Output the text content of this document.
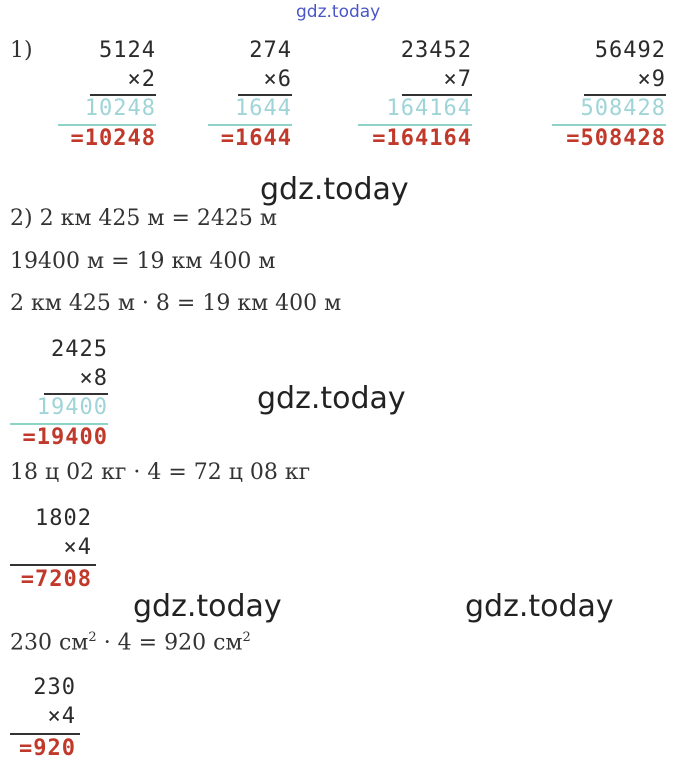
gdz.today
gdz.today
gdz.today
gdz.today	gdz.today
1)	5124
×2
10248
=10248
274
×6
1644
=1644
23452
×7
164164
=164164
56492
×9
508428
=508428
2) 2 км 425 м = 2425 м
19400 м = 19 км 400 м
2 км 425 м · 8 = 19 км 400 м
2425
×8
19400
=19400
18 ц 02 кг · 4 = 72 ц 08 кг
1802
×4
=7208
230 $см^2 \cdot 4 = 920$ $см^2$
230
×4
=920
